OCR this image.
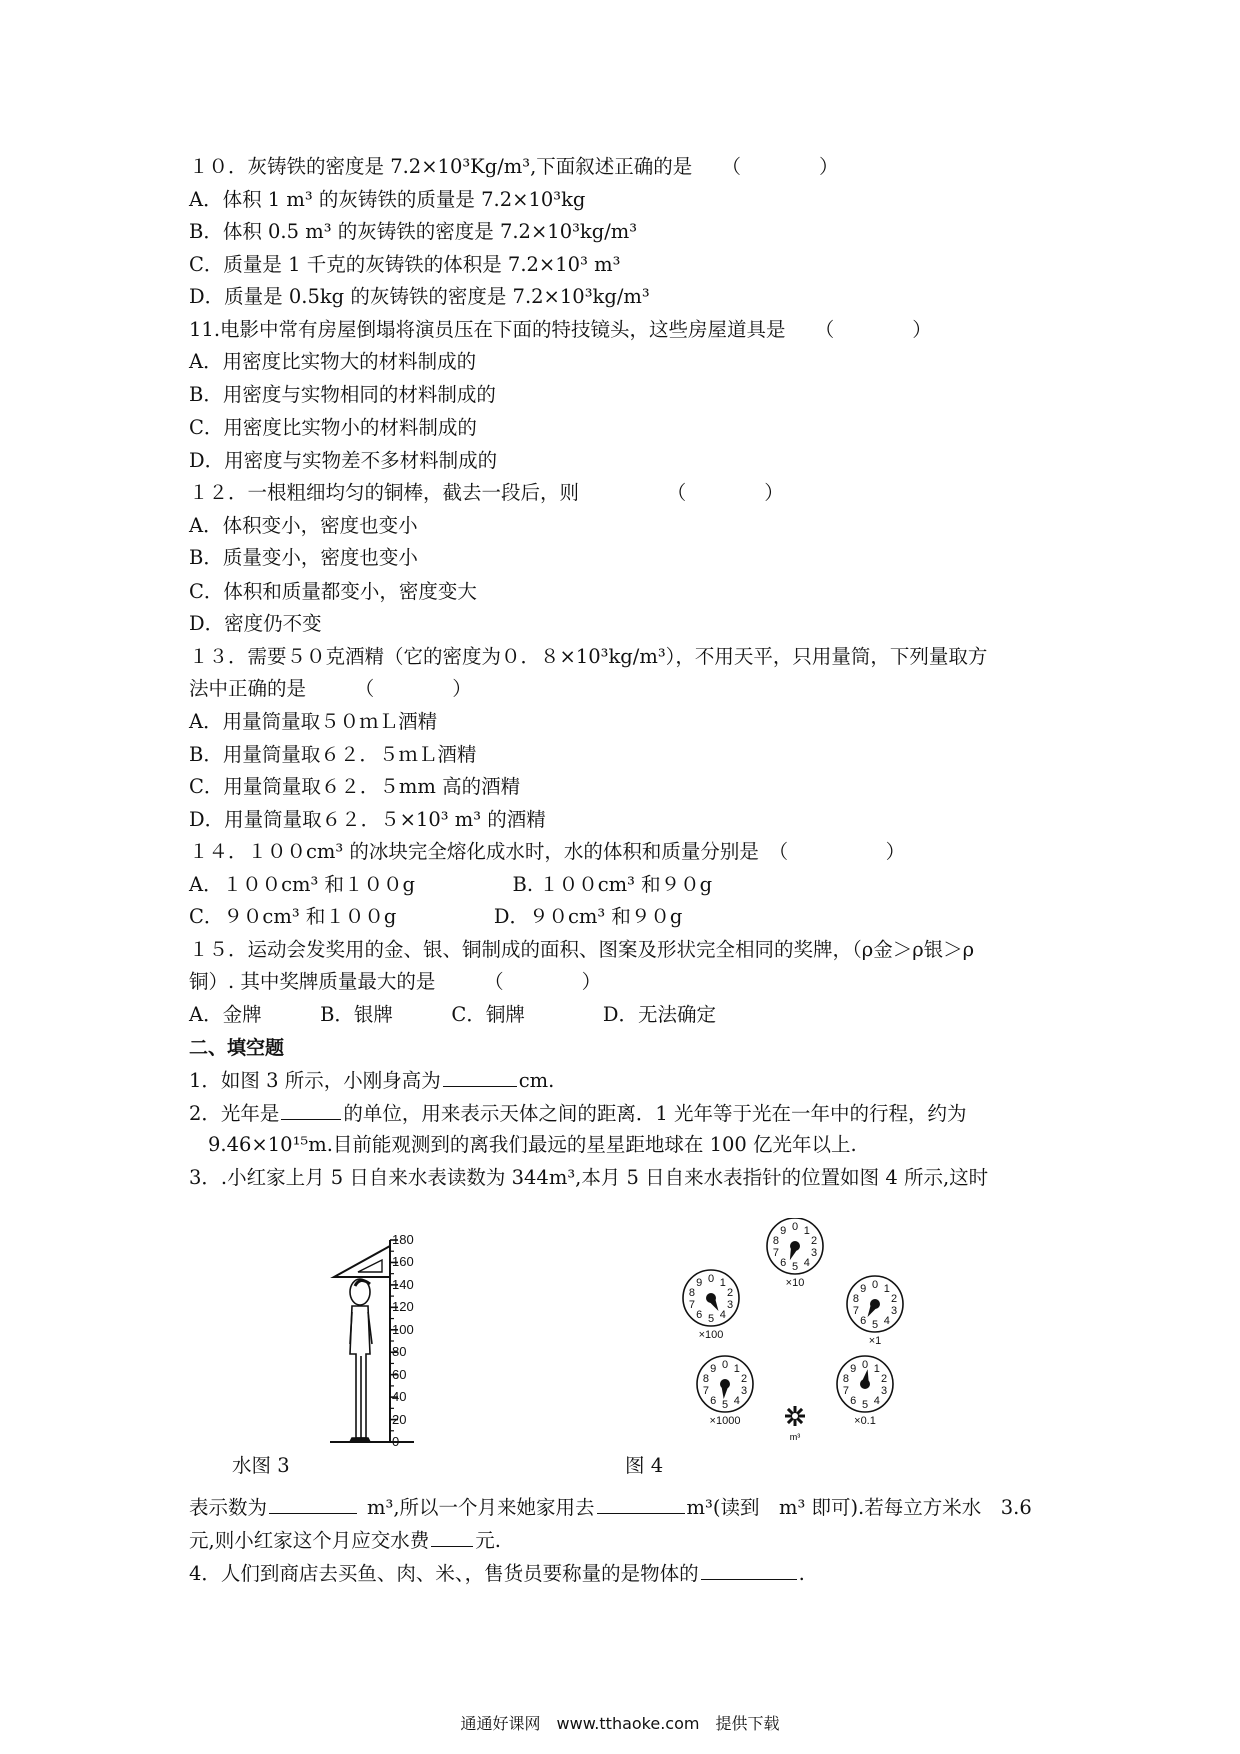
１０．灰铸铁的密度是 7.2×10³Kg/m³,下面叙述正确的是　　（　　　　）
A．体积 1 m³ 的灰铸铁的质量是 7.2×10³kg
B．体积 0.5 m³ 的灰铸铁的密度是 7.2×10³kg/m³
C．质量是 1 千克的灰铸铁的体积是 7.2×10³ m³
D．质量是 0.5kg 的灰铸铁的密度是 7.2×10³kg/m³
11.电影中常有房屋倒塌将演员压在下面的特技镜头，这些房屋道具是　　（　　　　）
A．用密度比实物大的材料制成的
B．用密度与实物相同的材料制成的
C．用密度比实物小的材料制成的
D．用密度与实物差不多材料制成的
１２．一根粗细均匀的铜棒，截去一段后，则　　　　　（　　　　）
A．体积变小，密度也变小
B．质量变小，密度也变小
C．体积和质量都变小，密度变大
D．密度仍不变
１３．需要５０克酒精（它的密度为０．８×10³kg/m³），不用天平，只用量筒，下列量取方
法中正确的是　　　（　　　　）
A．用量筒量取５０ｍＬ酒精
B．用量筒量取６２．５ｍＬ酒精
C．用量筒量取６２．５mm 高的酒精
D．用量筒量取６２．５×10³ m³ 的酒精
１４．１００cm³ 的冰块完全熔化成水时，水的体积和质量分别是　（　　　　　）
A．１００cm³ 和１００g　　　　　B. １００cm³ 和９０g
C．９０cm³ 和１００g　　　　　D．９０cm³ 和９０g
１５．运动会发奖用的金、银、铜制成的面积、图案及形状完全相同的奖牌，（ρ金＞ρ银＞ρ
铜）. 其中奖牌质量最大的是　　　（　　　　）
A．金牌　　　B．银牌　　　C．铜牌　　　　D．无法确定
二、填空题
1．如图 3 所示，小刚身高为	cm.
2．光年是	的单位，用来表示天体之间的距离．1 光年等于光在一年中的行程，约为
9.46×10¹⁵m.目前能观测到的离我们最远的星星距地球在 100 亿光年以上.
3．.小红家上月 5 日自来水表读数为 344m³,本月 5 日自来水表指针的位置如图 4 所示,这时
180
160
140
120
100
80
60
40
20
0
水图 3
0 1
2
3
4
5
6
7
8
9
×10
0 1
2
3
4
5
6
7
8
9
×100
0 1
2
3
4
5
6
7
8
9
×1
0 1
2
3
4
5
6
7
8
9
×1000
0 1
2
3
4
5
6
7
8
9
×0.1
m³
图 4
表示数为	m³,所以一个月来她家用去	m³(读到　m³ 即可).若每立方米水　3.6
元,则小红家这个月应交水费 元.
4．人们到商店去买鱼、肉、米、，售货员要称量的是物体的	.
通通好课网　www.tthaoke.com　提供下载
